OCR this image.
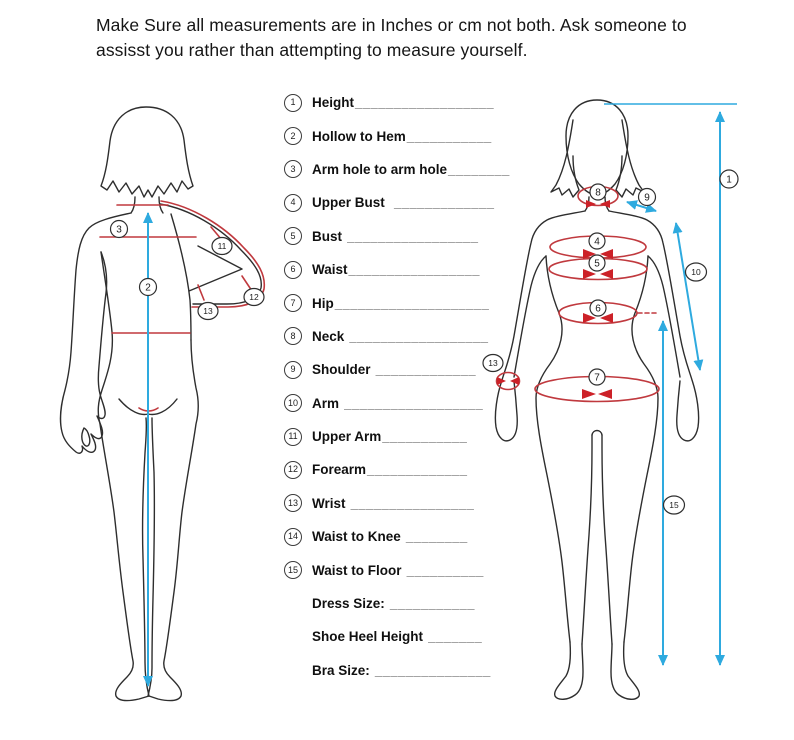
3
2
11
12
13
1
8	9
4
5
6
7
10
13
15

Make Sure all measurements are in Inches or cm not both. Ask someone to assisst you rather than attempting to measure yourself.

1	Height __________________
2	Hollow to Hem ___________
3	Arm hole to arm hole ________
4	Upper Bust _____________
5	Bust _________________
6	Waist _________________
7	Hip ____________________
8	Neck __________________
9	Shoulder _____________
10 Arm __________________
11	Upper Arm ___________
12 Forearm _____________
13 Wrist ________________
14 Waist to Knee ________
15 Waist to Floor __________
Dress Size: ___________
Shoe Heel Height _______
Bra Size: _______________
